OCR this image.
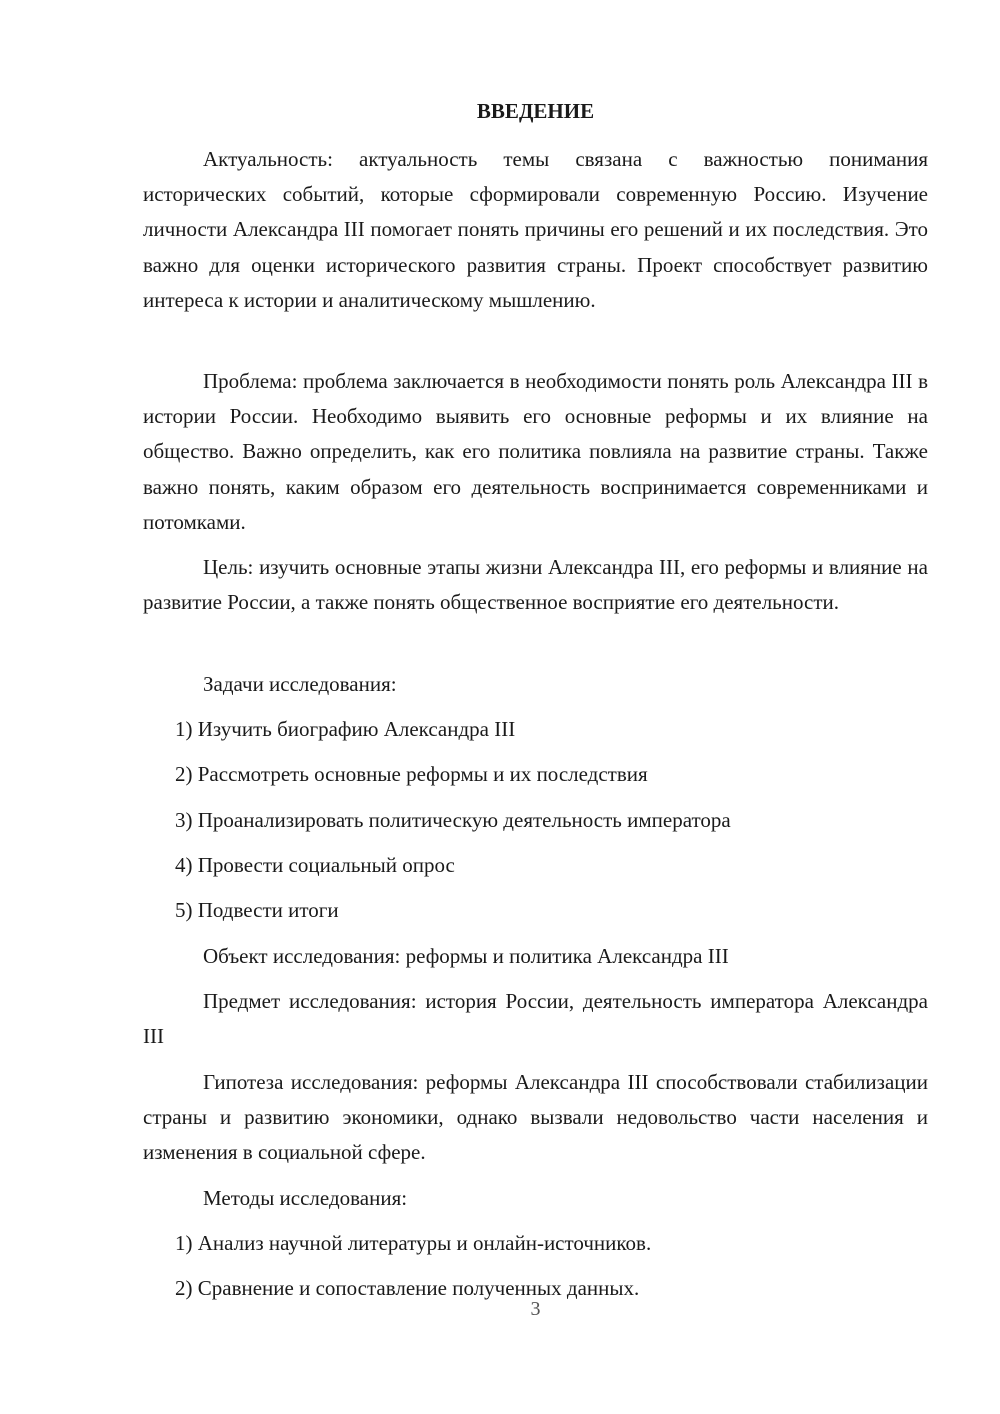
ВВЕДЕНИЕ

Актуальность: актуальность темы связана с важностью понимания исторических событий, которые сформировали современную Россию. Изучение личности Александра III помогает понять причины его решений и их последствия. Это важно для оценки исторического развития страны. Проект способствует развитию интереса к истории и аналитическому мышлению.

Проблема: проблема заключается в необходимости понять роль Александра III в истории России. Необходимо выявить его основные реформы и их влияние на общество. Важно определить, как его политика повлияла на развитие страны. Также важно понять, каким образом его деятельность воспринимается современниками и потомками.

Цель: изучить основные этапы жизни Александра III, его реформы и влияние на развитие России, а также понять общественное восприятие его деятельности.

Задачи исследования:

1) Изучить биографию Александра III

2) Рассмотреть основные реформы и их последствия

3) Проанализировать политическую деятельность императора

4) Провести социальный опрос

5) Подвести итоги

Объект исследования: реформы и политика Александра III

Предмет исследования: история России, деятельность императора Александра III

Гипотеза исследования: реформы Александра III способствовали стабилизации страны и развитию экономики, однако вызвали недовольство части населения и изменения в социальной сфере.

Методы исследования:

1) Анализ научной литературы и онлайн-источников.

2) Сравнение и сопоставление полученных данных.

3
